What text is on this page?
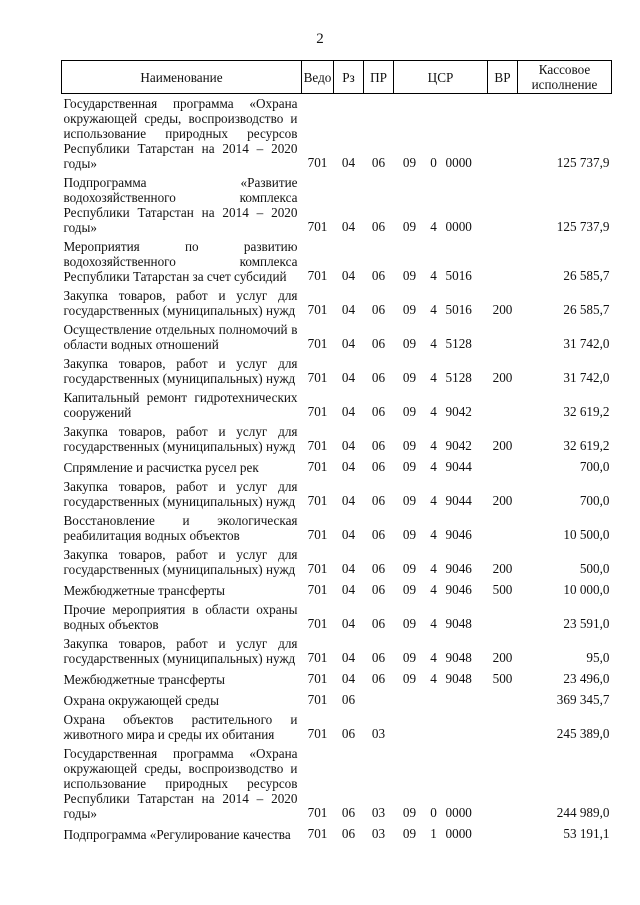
2
Наименование	Ведо	Рз	ПР	ЦСР	ВР	Кассовое исполнение
Государственная программа «Охрана окружающей среды, воспроизводство и использование природных ресурсов Республики Татарстан на 2014 – 2020 годы»	701	04	06	09 0 0000		125 737,9
Подпрограмма «Развитие водохозяйственного комплекса Республики Татарстан на 2014 – 2020 годы»	701	04	06	09 4 0000		125 737,9
Мероприятия по развитию водохозяйственного комплекса Республики Татарстан за счет субсидий	701	04	06	09 4 5016		26 585,7
Закупка товаров, работ и услуг для государственных (муниципальных) нужд	701	04	06	09 4 5016	200	26 585,7
Осуществление отдельных полномочий в области водных отношений	701	04	06	09 4 5128		31 742,0
Закупка товаров, работ и услуг для государственных (муниципальных) нужд	701	04	06	09 4 5128	200	31 742,0
Капитальный ремонт гидротехнических сооружений	701	04	06	09 4 9042		32 619,2
Закупка товаров, работ и услуг для государственных (муниципальных) нужд	701	04	06	09 4 9042	200	32 619,2
Спрямление и расчистка русел рек	701	04	06	09 4 9044		700,0
Закупка товаров, работ и услуг для государственных (муниципальных) нужд	701	04	06	09 4 9044	200	700,0
Восстановление и экологическая реабилитация водных объектов	701	04	06	09 4 9046		10 500,0
Закупка товаров, работ и услуг для государственных (муниципальных) нужд	701	04	06	09 4 9046	200	500,0
Межбюджетные трансферты	701	04	06	09 4 9046	500	10 000,0
Прочие мероприятия в области охраны водных объектов	701	04	06	09 4 9048		23 591,0
Закупка товаров, работ и услуг для государственных (муниципальных) нужд	701	04	06	09 4 9048	200	95,0
Межбюджетные трансферты	701	04	06	09 4 9048	500	23 496,0
Охрана окружающей среды	701	06				369 345,7
Охрана объектов растительного и животного мира и среды их обитания	701	06	03			245 389,0
Государственная программа «Охрана окружающей среды, воспроизводство и использование природных ресурсов Республики Татарстан на 2014 – 2020 годы»	701	06	03	09 0 0000		244 989,0
Подпрограмма «Регулирование качества	701	06	03	09 1 0000		53 191,1
